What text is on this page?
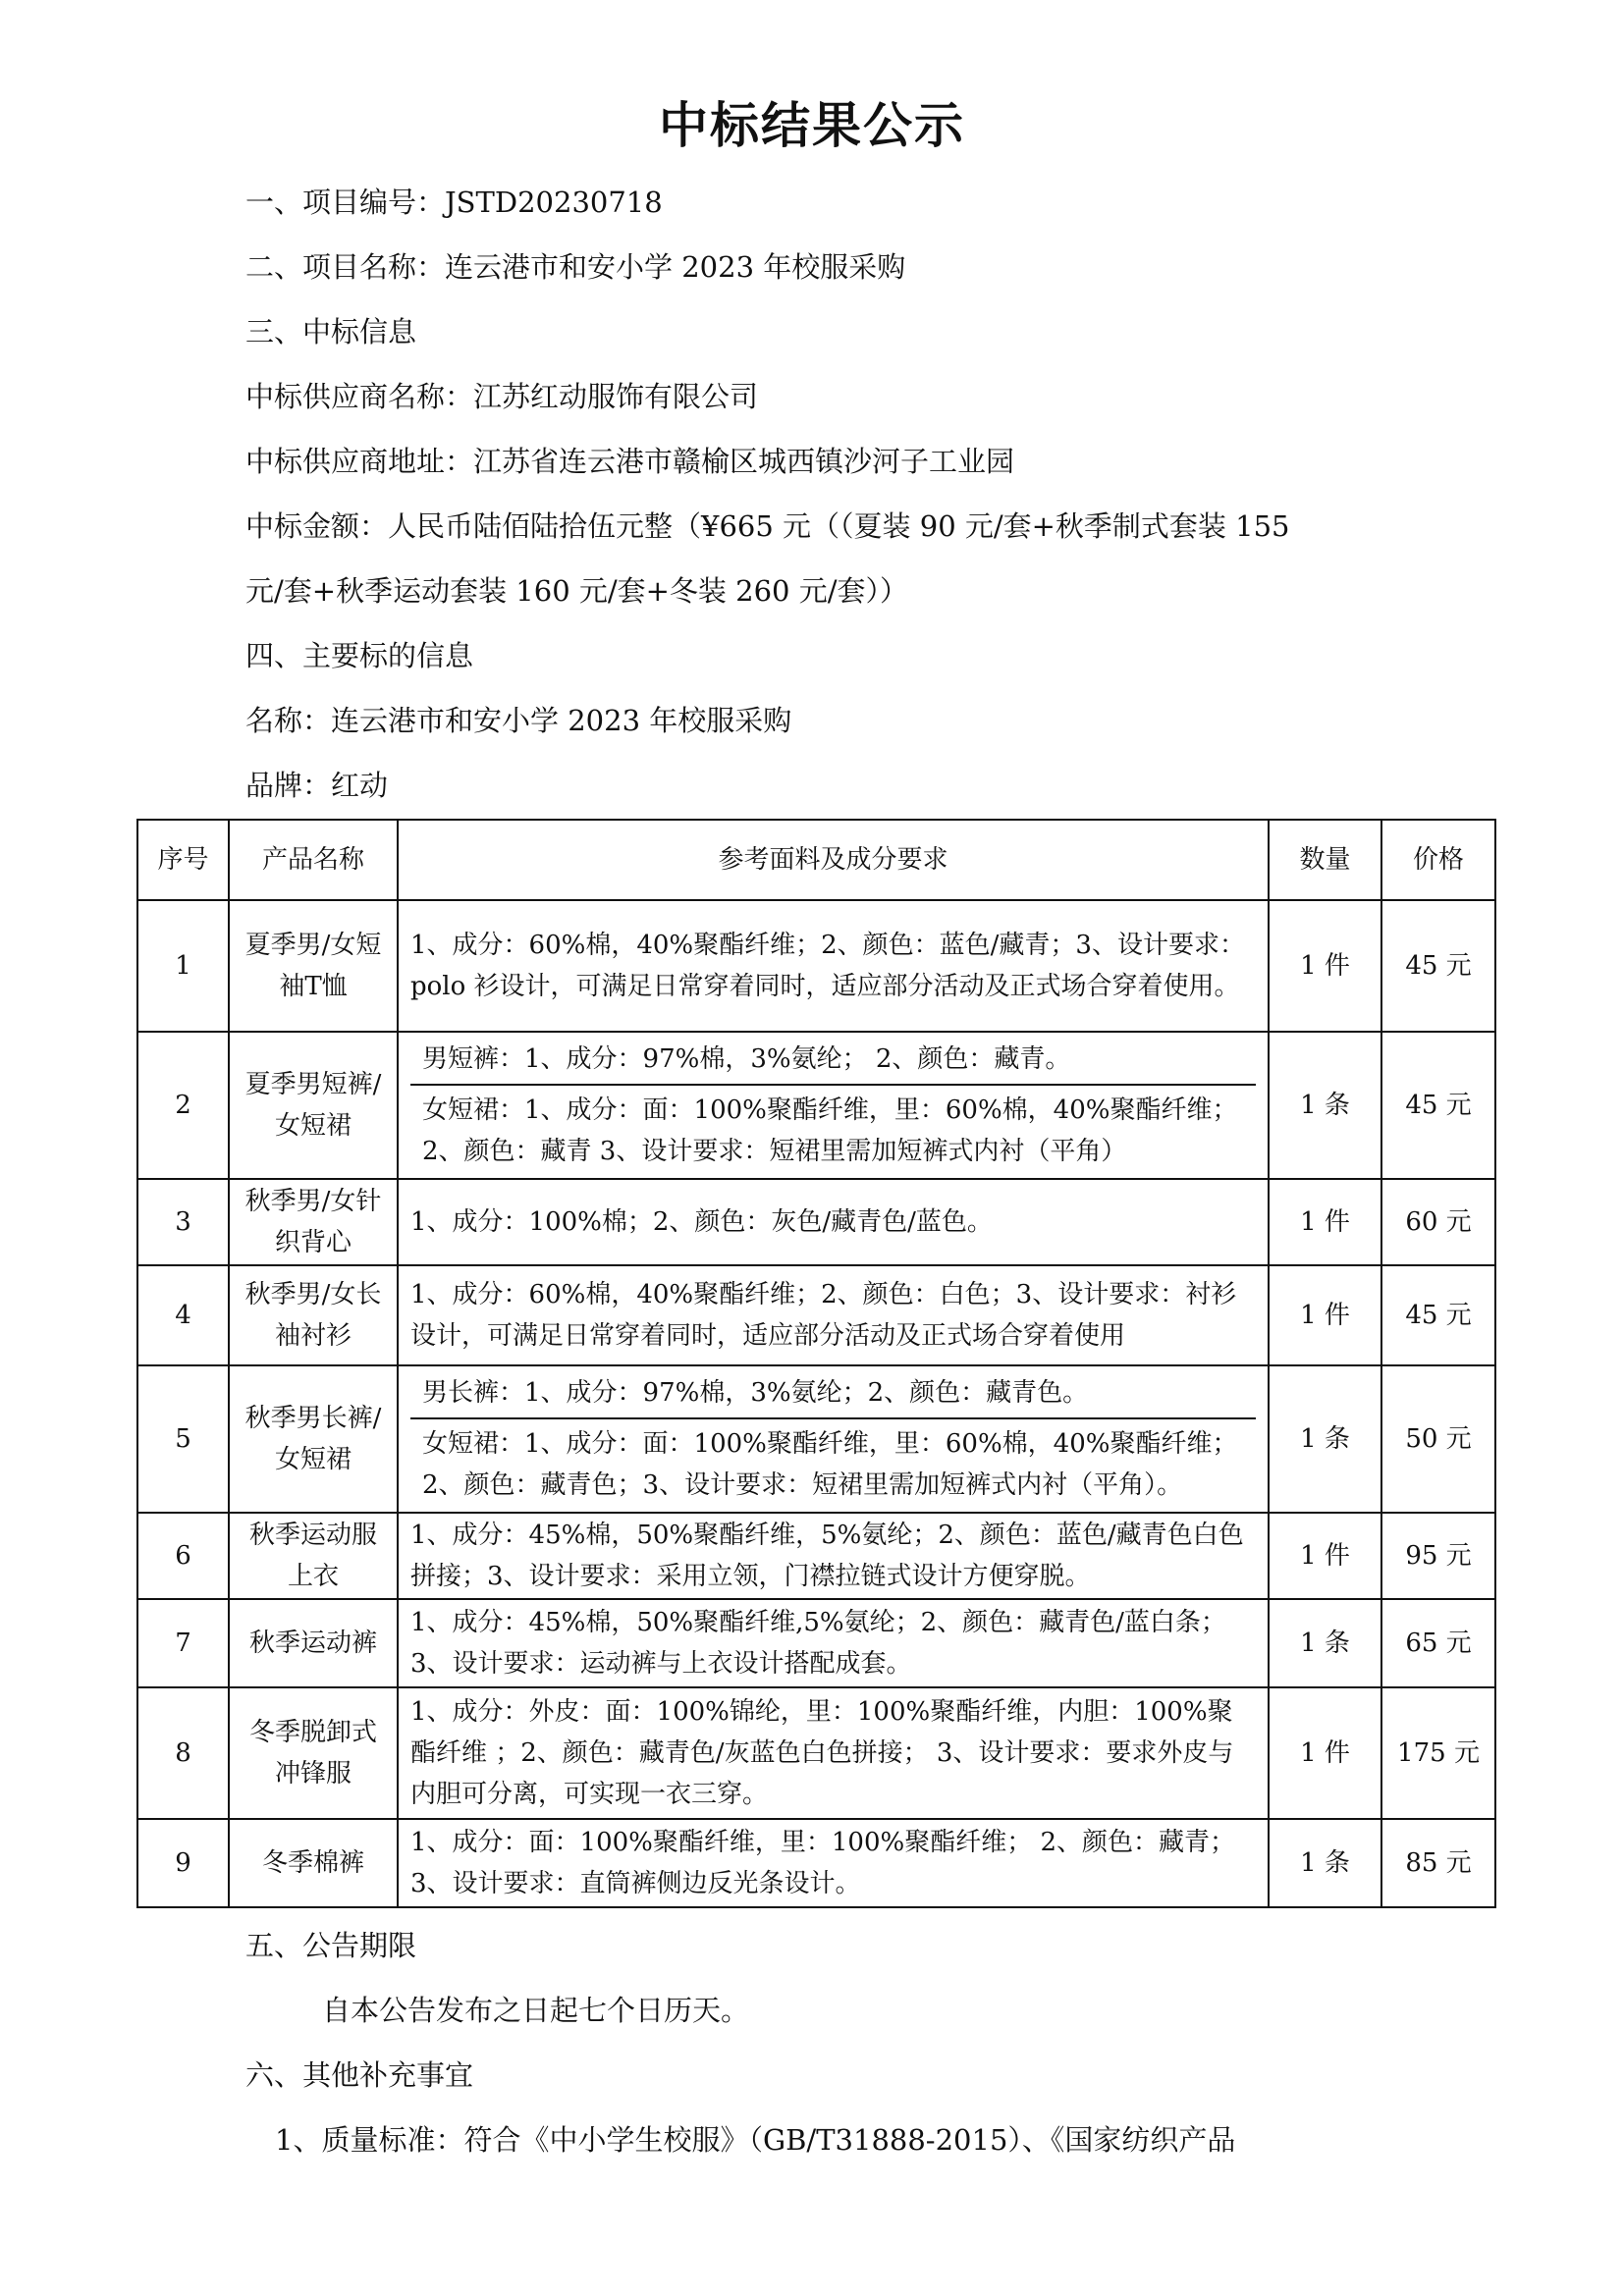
中标结果公示
一、项目编号：JSTD20230718
二、项目名称：连云港市和安小学 2023 年校服采购
三、中标信息
中标供应商名称：江苏红动服饰有限公司
中标供应商地址：江苏省连云港市赣榆区城西镇沙河子工业园
中标金额：人民币陆佰陆拾伍元整（¥665 元（（夏装 90 元/套+秋季制式套装 155
元/套+秋季运动套装 160 元/套+冬装 260 元/套））
四、主要标的信息
名称：连云港市和安小学 2023 年校服采购
品牌：红动
序号	产品名称	参考面料及成分要求	数量	价格
1	夏季男/女短袖T恤	1、成分：60%棉，40%聚酯纤维；2、颜色：蓝色/藏青；3、设计要求：polo 衫设计，可满足日常穿着同时，适应部分活动及正式场合穿着使用。	1 件	45 元
2	夏季男短裤/女短裙	男短裤：1、成分：97%棉，3%氨纶； 2、颜色：藏青。
女短裙：1、成分：面：100%聚酯纤维，里：60%棉，40%聚酯纤维；2、颜色：藏青 3、设计要求：短裙里需加短裤式内衬（平角）	1 条	45 元
3	秋季男/女针织背心	1、成分：100%棉；2、颜色：灰色/藏青色/蓝色。	1 件	60 元
4	秋季男/女长袖衬衫	1、成分：60%棉，40%聚酯纤维；2、颜色：白色；3、设计要求：衬衫设计，可满足日常穿着同时，适应部分活动及正式场合穿着使用	1 件	45 元
5	秋季男长裤/女短裙	男长裤：1、成分：97%棉，3%氨纶；2、颜色：藏青色。
女短裙：1、成分：面：100%聚酯纤维，里：60%棉，40%聚酯纤维；2、颜色：藏青色；3、设计要求：短裙里需加短裤式内衬（平角）。	1 条	50 元
6	秋季运动服上衣	1、成分：45%棉，50%聚酯纤维，5%氨纶；2、颜色：蓝色/藏青色白色拼接；3、设计要求：采用立领，门襟拉链式设计方便穿脱。	1 件	95 元
7	秋季运动裤	1、成分：45%棉，50%聚酯纤维,5%氨纶；2、颜色：藏青色/蓝白条；3、设计要求：运动裤与上衣设计搭配成套。	1 条	65 元
8	冬季脱卸式冲锋服	1、成分：外皮：面：100%锦纶，里：100%聚酯纤维，内胆：100%聚酯纤维 ；2、颜色：藏青色/灰蓝色白色拼接； 3、设计要求：要求外皮与内胆可分离，可实现一衣三穿。	1 件	175 元
9	冬季棉裤	1、成分：面：100%聚酯纤维，里：100%聚酯纤维； 2、颜色：藏青；3、设计要求：直筒裤侧边反光条设计。	1 条	85 元
五、公告期限
自本公告发布之日起七个日历天。
六、其他补充事宜
1、质量标准：符合《中小学生校服》（GB/T31888-2015）、《国家纺织产品
